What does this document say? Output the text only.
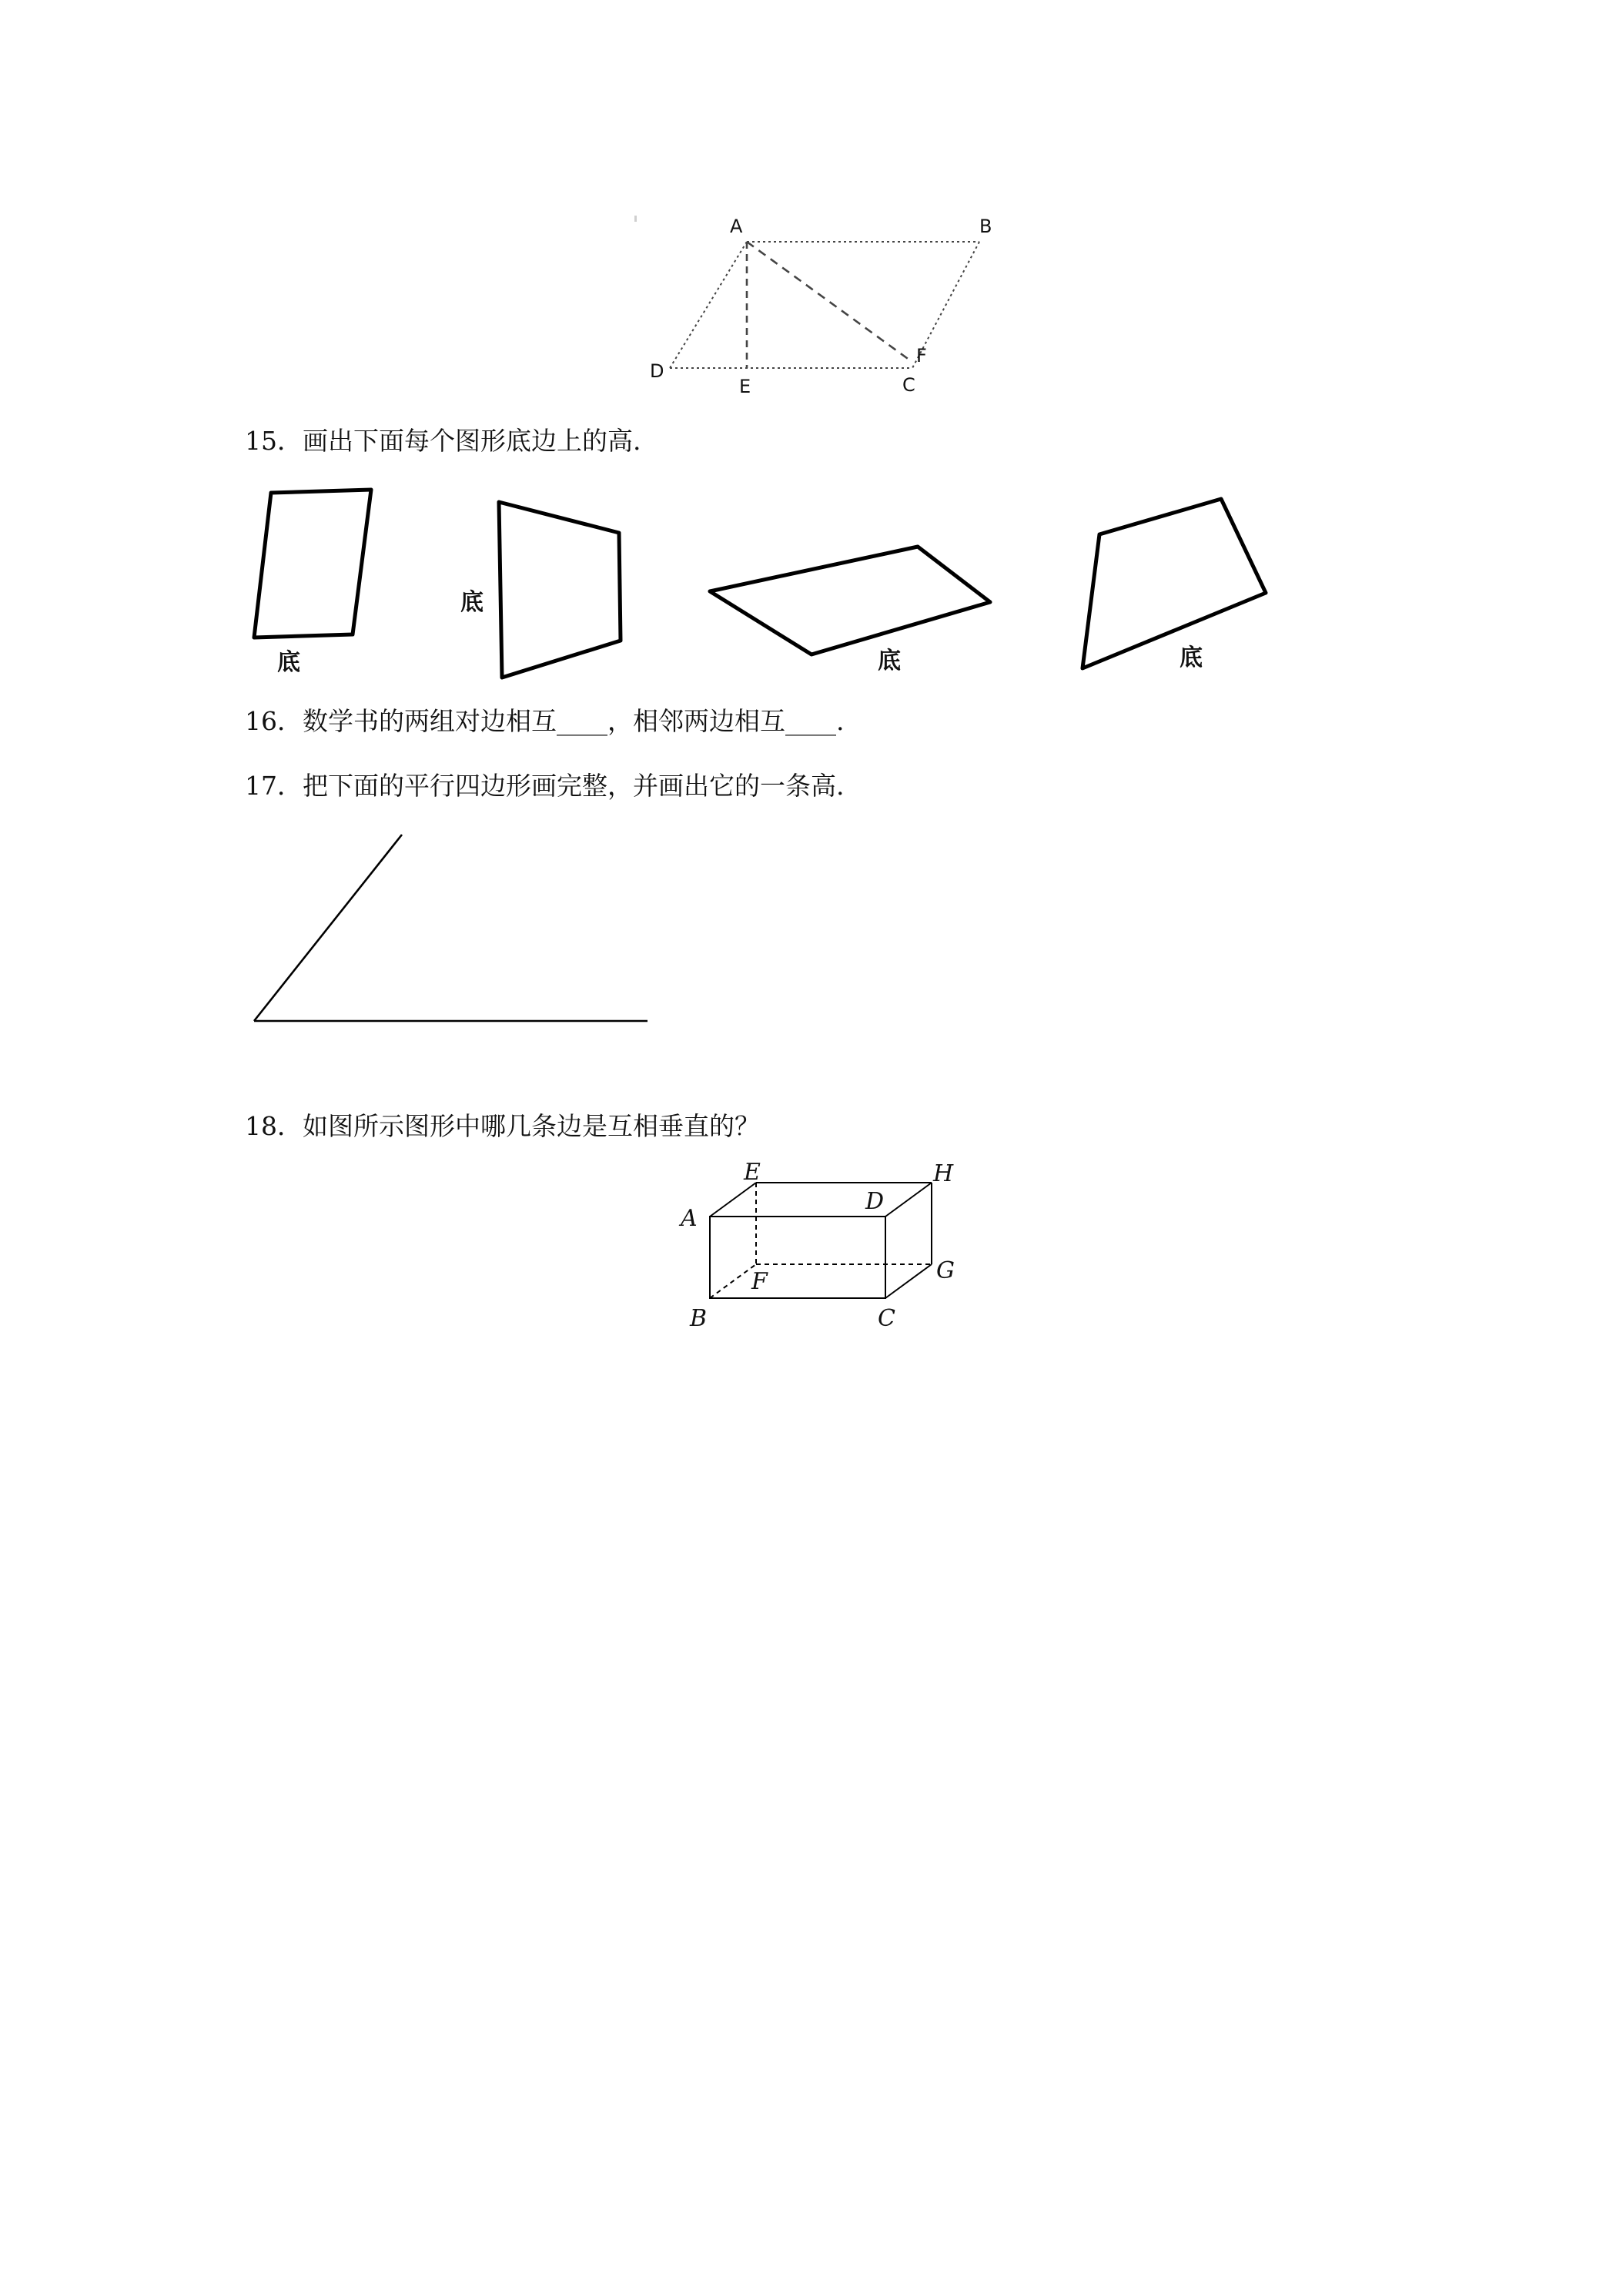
A	B
D
E
F
C

15．画出下面每个图形底边上的高.

底
底
底	底

16．数学书的两组对边相互____，相邻两边相互____.

17．把下面的平行四边形画完整，并画出它的一条高.

18．如图所示图形中哪几条边是互相垂直的？

A
E
D
H
G
F
B	C
